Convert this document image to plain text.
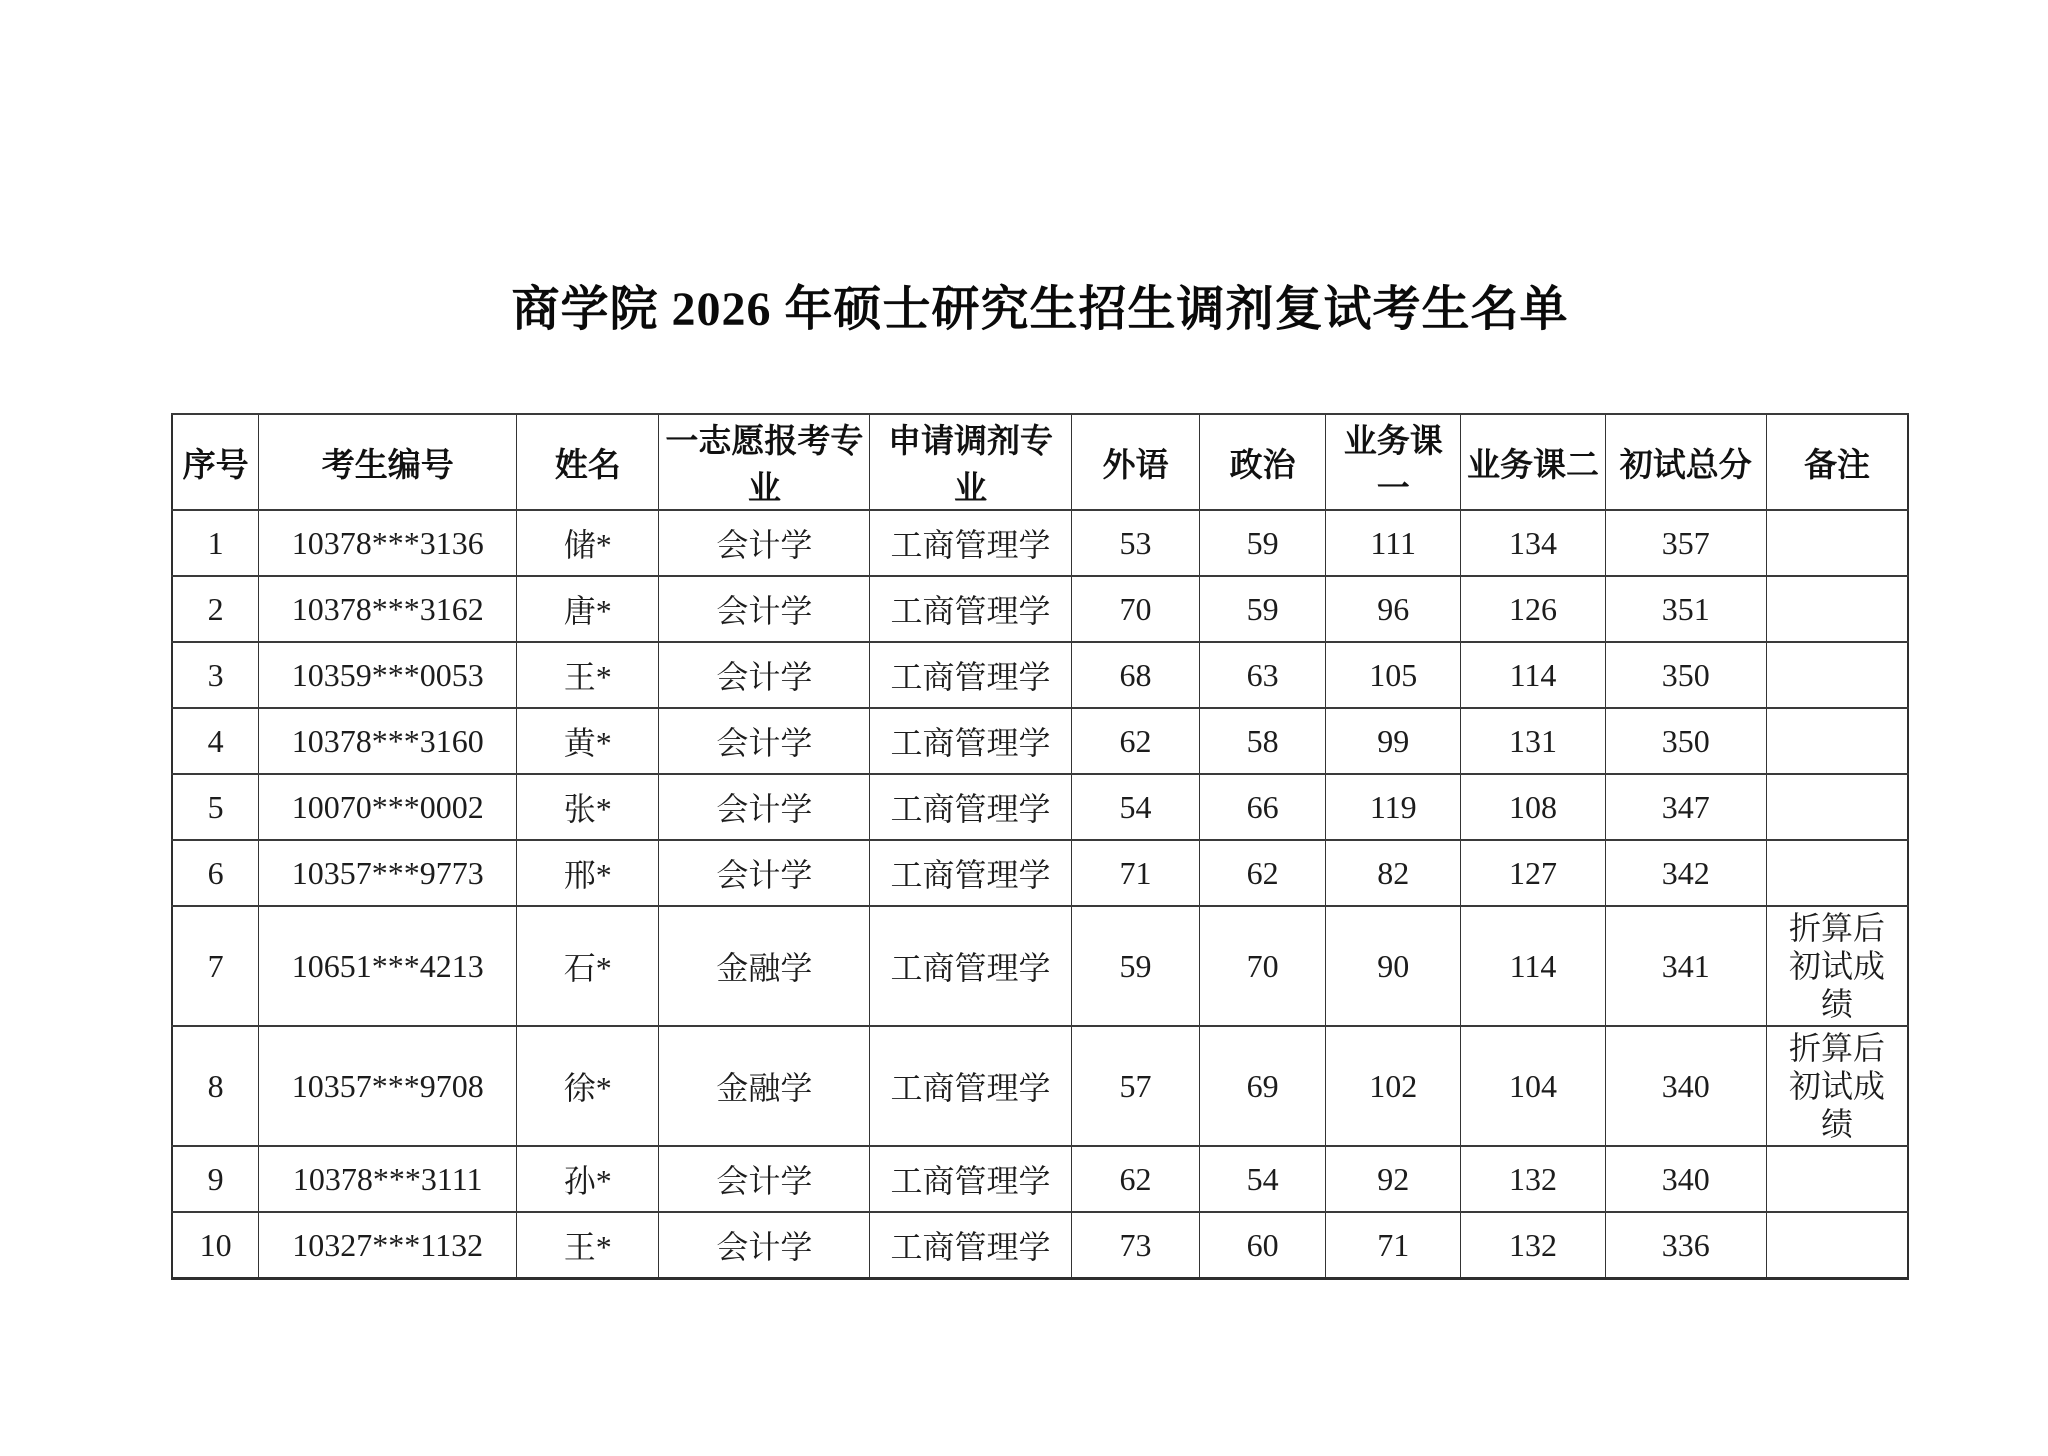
商学院 2026 年硕士研究生招生调剂复试考生名单
序号	考生编号	姓名	一志愿报考专业	申请调剂专业	外语	政治	业务课一	业务课二	初试总分	备注
1	10378***3136	储*	会计学	工商管理学	53	59	111	134	357	
2	10378***3162	唐*	会计学	工商管理学	70	59	96	126	351	
3	10359***0053	王*	会计学	工商管理学	68	63	105	114	350	
4	10378***3160	黄*	会计学	工商管理学	62	58	99	131	350	
5	10070***0002	张*	会计学	工商管理学	54	66	119	108	347	
6	10357***9773	邢*	会计学	工商管理学	71	62	82	127	342	
7	10651***4213	石*	金融学	工商管理学	59	70	90	114	341	折算后初试成绩
8	10357***9708	徐*	金融学	工商管理学	57	69	102	104	340	折算后初试成绩
9	10378***3111	孙*	会计学	工商管理学	62	54	92	132	340	
10	10327***1132	王*	会计学	工商管理学	73	60	71	132	336	
